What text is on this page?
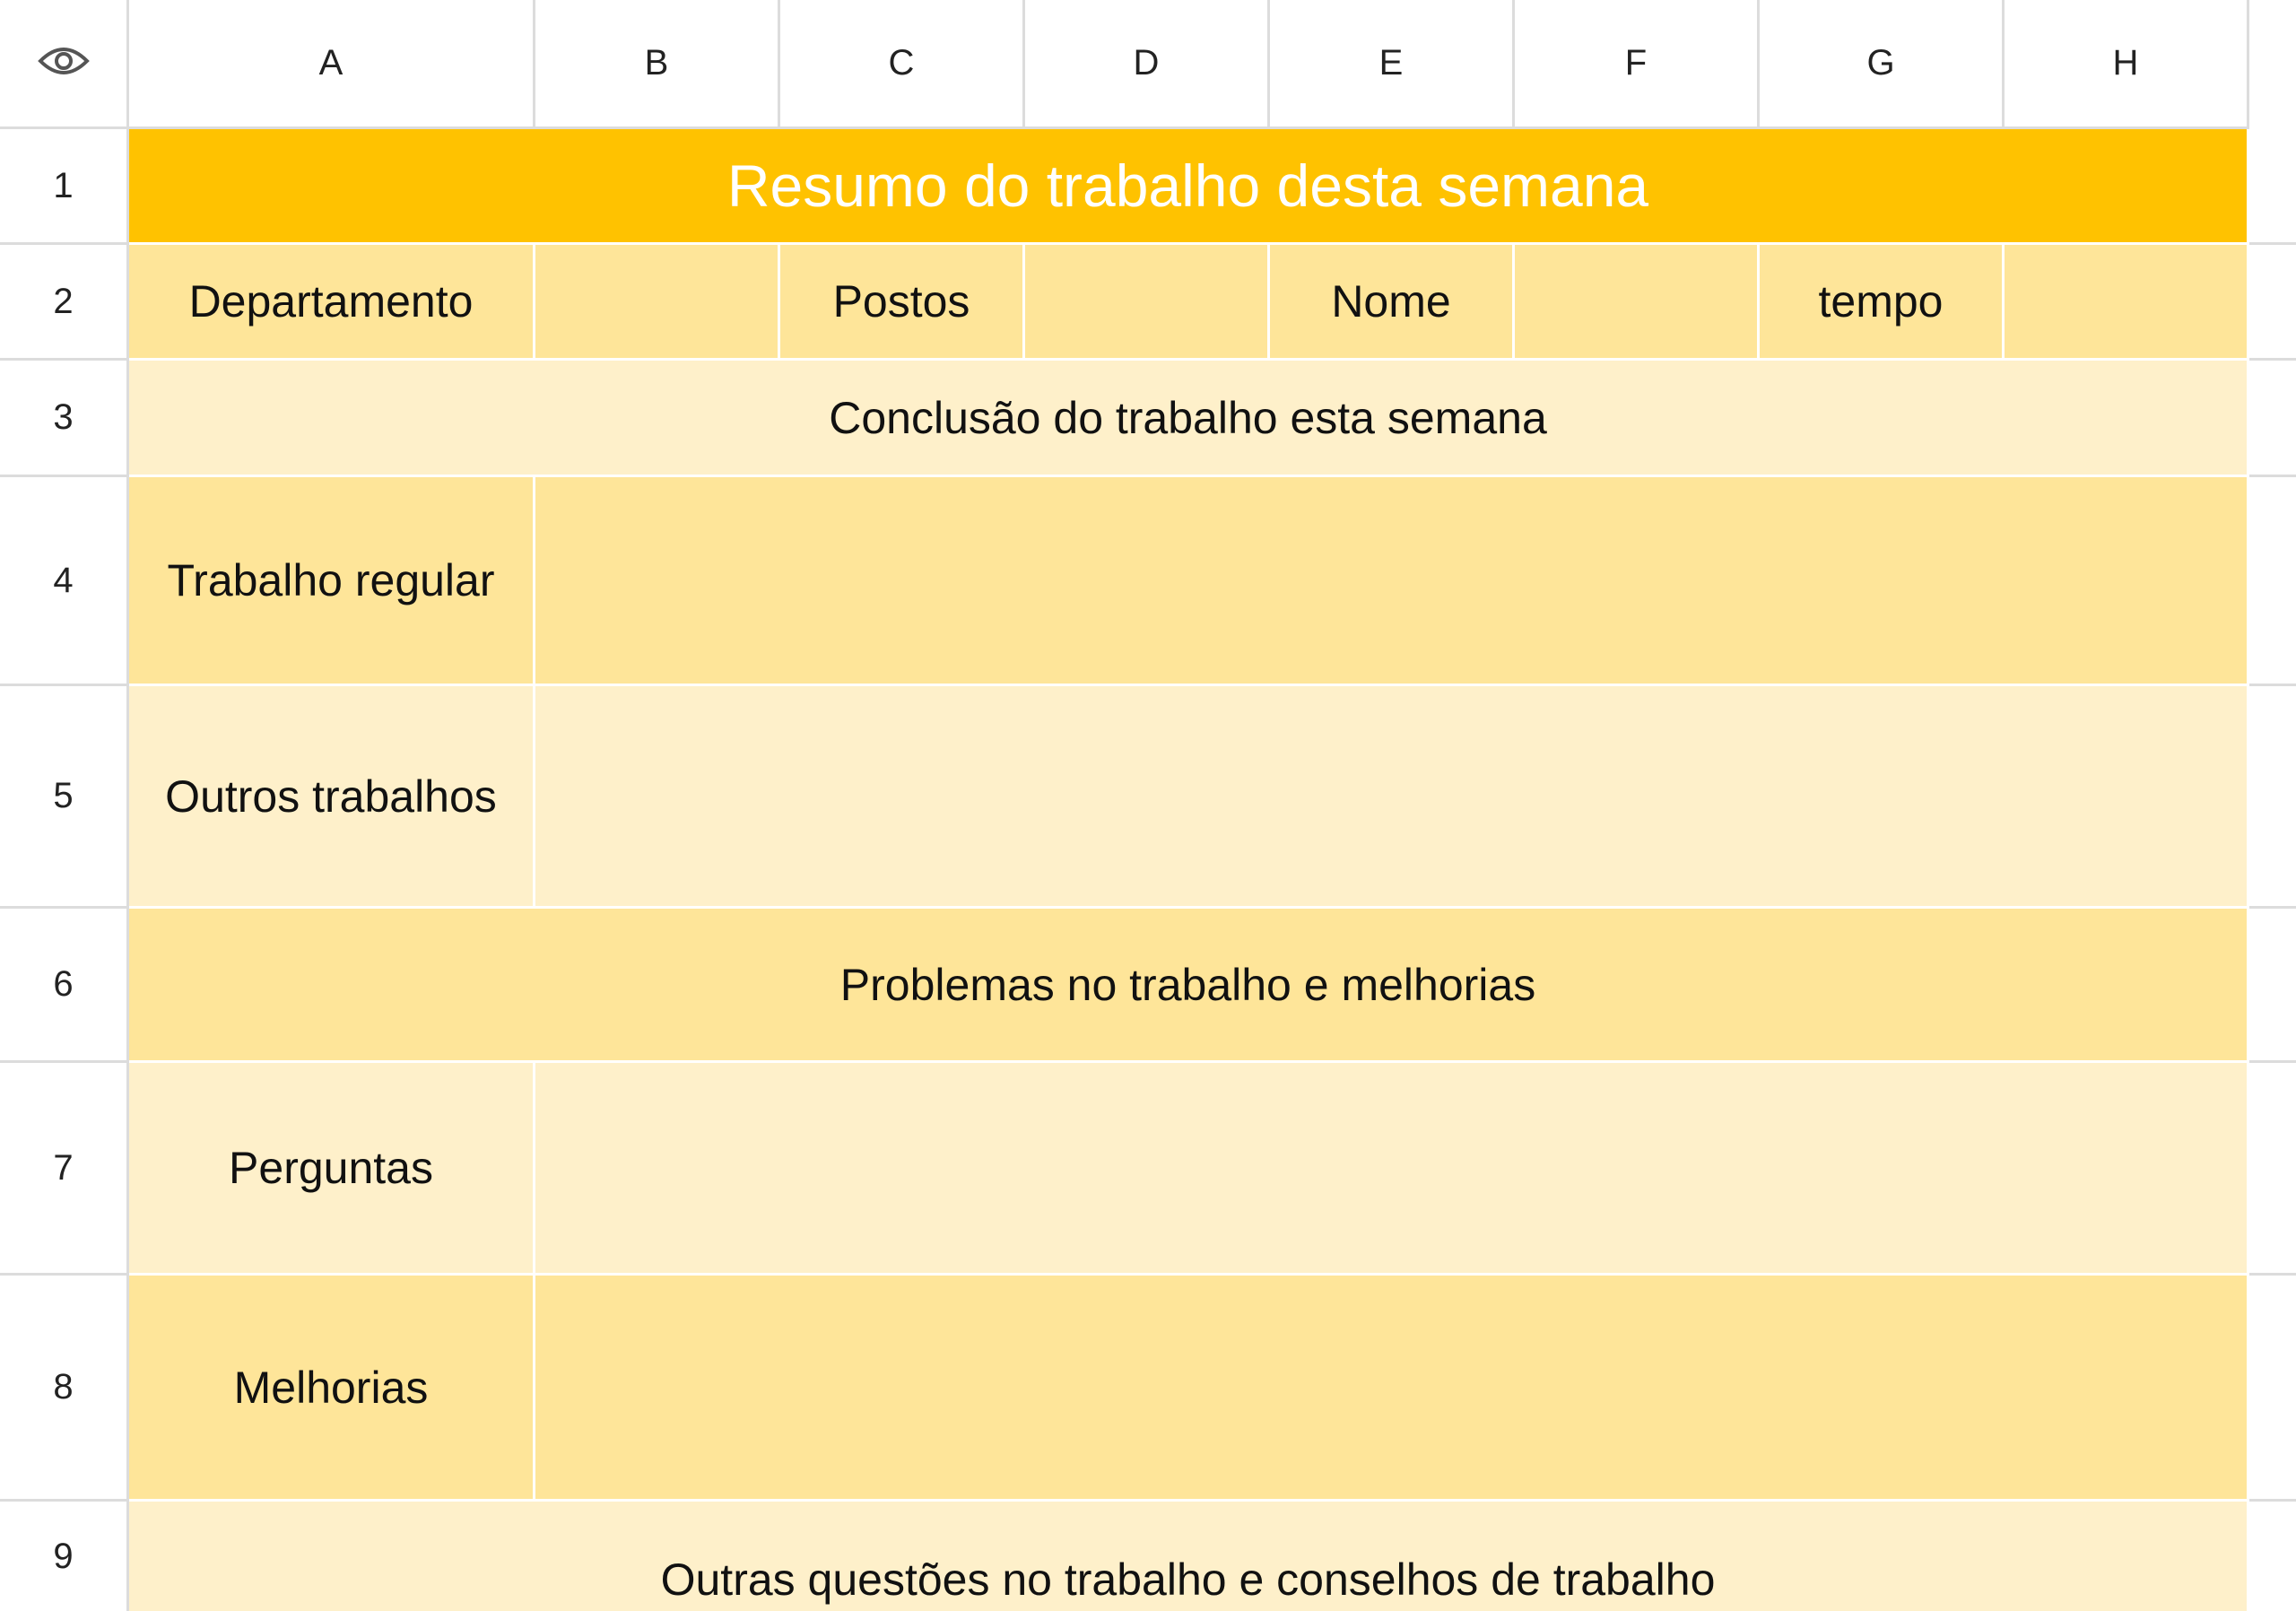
A	B	C	D	E	F	G	H
1
2
3
4
5
6
7
8
9
Resumo do trabalho desta semana
Departamento	Postos	Nome	tempo
Conclusão do trabalho esta semana
Trabalho regular
Outros trabalhos
Problemas no trabalho e melhorias
Perguntas
Melhorias
Outras questões no trabalho e conselhos de trabalho
